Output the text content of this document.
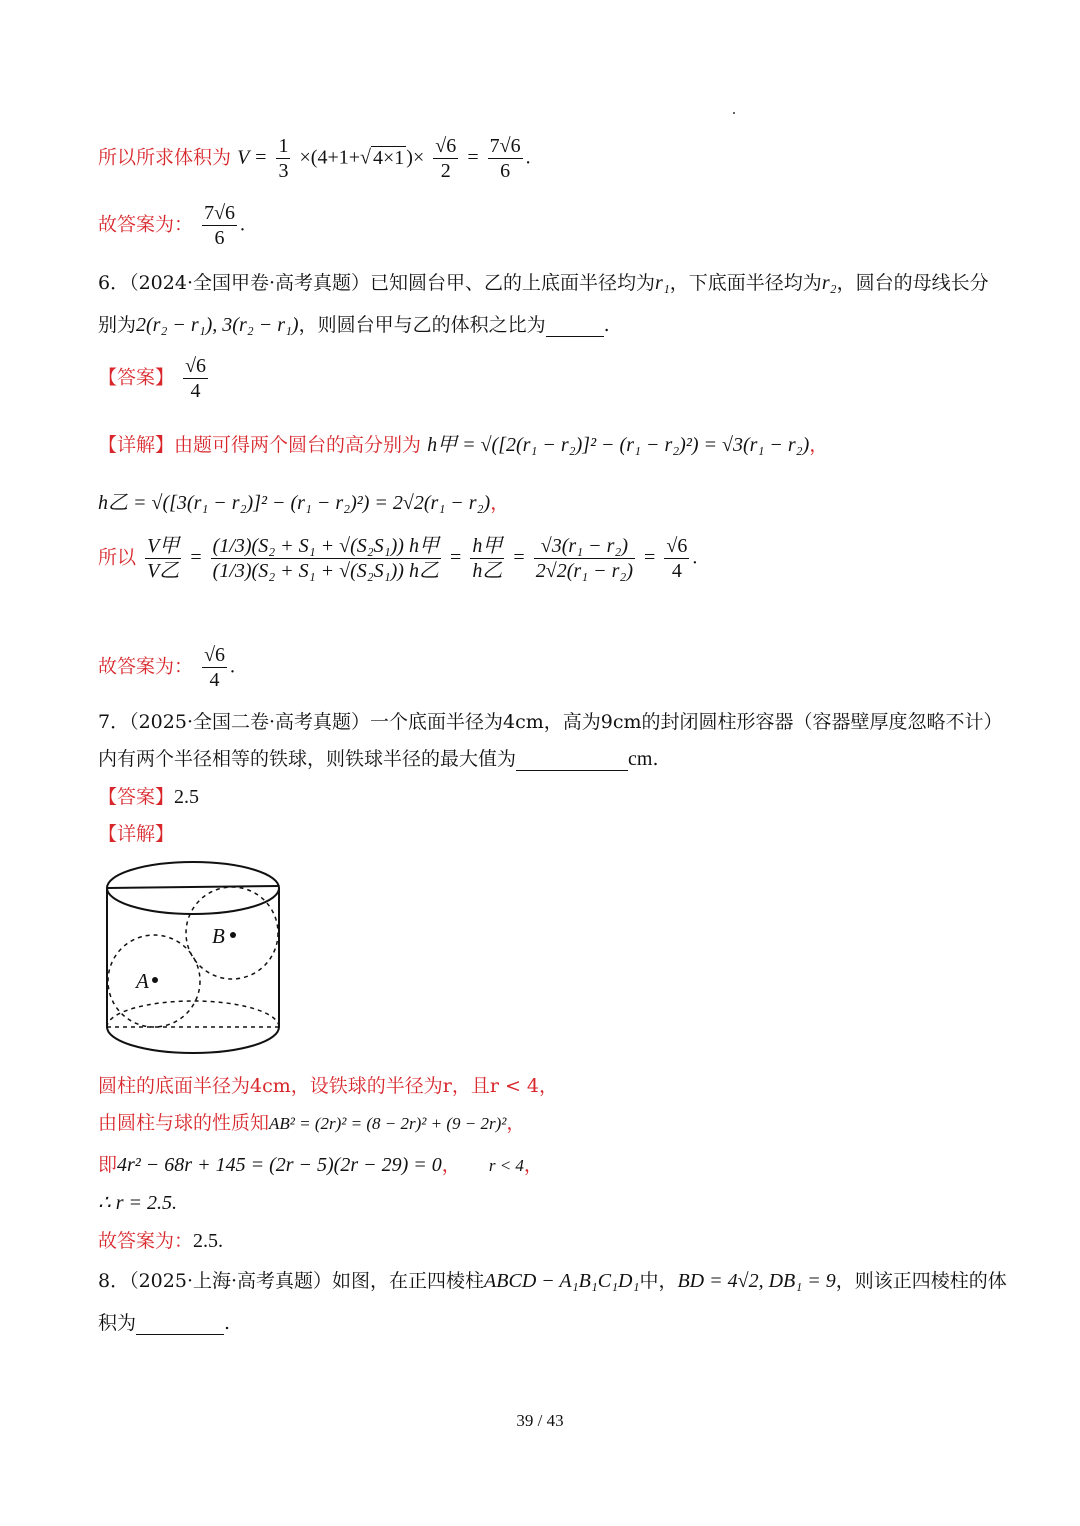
所以所求体积为 $V = \frac{1}{3} \times(4+1+√$ 4×1 )× $\frac{√6}{2} = \frac{7√6}{6}$ .
故答案为： $\frac{7√6}{6}$ .
6．（2024·全国甲卷·高考真题）已知圆台甲、乙的上底面半径均为r₁，下底面半径均为r₂，圆台的母线长分
别为2(r₂ − r₁), 3(r₂ − r₁)，则圆台甲与乙的体积之比为	.
【答案】 $\frac{√6}{4}$
【详解】由题可得两个圆台的高分别为 h甲 = √([2(r₁ − r₂)]² − (r₁ − r₂)²) = √3(r₁ − r₂)，
h乙 = √([3(r₁ − r₂)]² − (r₁ − r₂)²) = 2√2(r₁ − r₂)，
所以 $\frac{\text{V甲}}{\text{V乙}} = \frac{\text{(1/3)(S₂ + S₁ + √(S₂S₁)) h甲}}{\text{(1/3)(S₂ + S₁ + √(S₂S₁)) h乙}} = \frac{\text{h甲}}{\text{h乙}} = \frac{\text{√3(r₁ − r₂)}}{\text{2√2(r₁ − r₂)}} = \frac{√6}{4}$ .
故答案为： $\frac{√6}{4}$ .
7．（2025·全国二卷·高考真题）一个底面半径为4cm，高为9cm的封闭圆柱形容器（容器壁厚度忽略不计）
内有两个半径相等的铁球，则铁球半径的最大值为	cm.
【答案】2.5
【详解】
B
A
圆柱的底面半径为4cm，设铁球的半径为r，且r < 4，
由圆柱与球的性质知AB² = (2r)² = (8 − 2r)² + (9 − 2r)²，
即4r² − 68r + 145 = (2r − 5)(2r − 29) = 0， r < 4，
∴ r = 2.5.
故答案为：2.5.
8．（2025·上海·高考真题）如图，在正四棱柱ABCD − A₁B₁C₁D₁中，BD = 4√2, DB₁ = 9，则该正四棱柱的体
积为	.
39 / 43
